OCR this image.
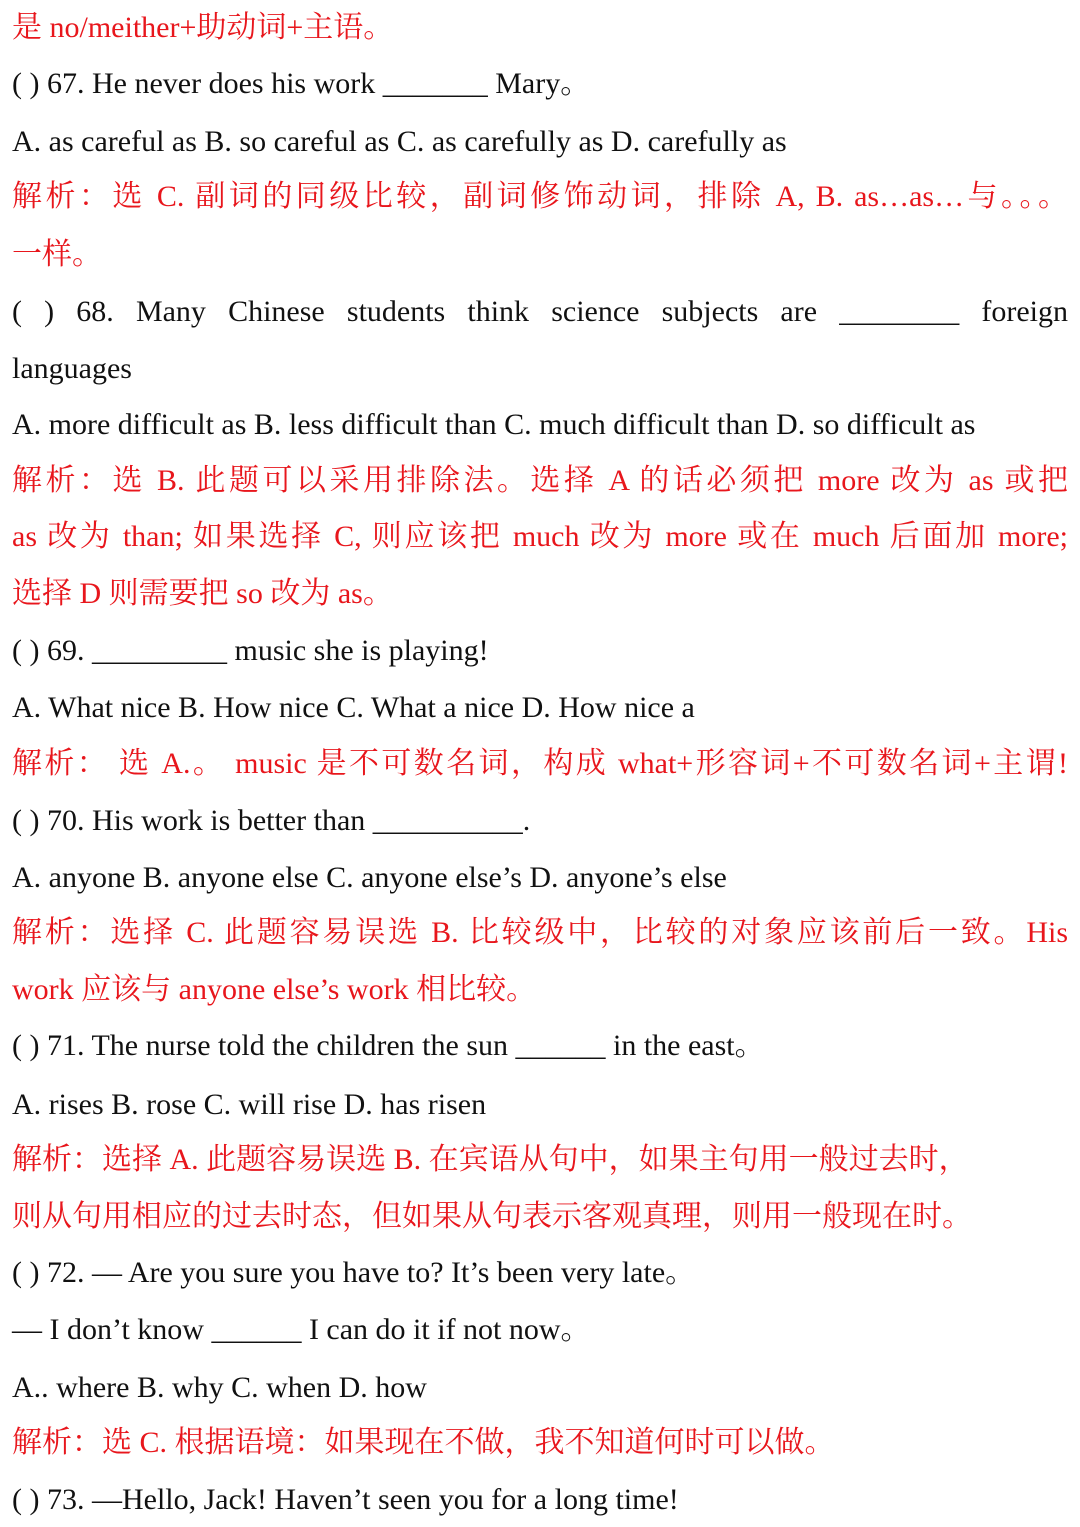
是 no/meither+助动词+主语。
( ) 67. He never does his work _______ Mary。
A. as careful as B. so careful as C. as carefully as D. carefully as
解析：选 C. 副词的同级比较，副词修饰动词，排除 A, B. as…as…与。。。
一样。
( ) 68. Many Chinese students think science subjects are ________ foreign
languages
A. more difficult as B. less difficult than C. much difficult than D. so difficult as
解析：选 B. 此题可以采用排除法。选择 A 的话必须把 more 改为 as 或把
as 改为 than; 如果选择 C, 则应该把 much 改为 more 或在 much 后面加 more;
选择 D 则需要把 so 改为 as。
( ) 69. _________ music she is playing!
A. What nice B. How nice C. What a nice D. How nice a
解析： 选 A.。 music 是不可数名词，构成 what+形容词+不可数名词+主谓!
( ) 70. His work is better than __________.
A. anyone B. anyone else C. anyone else’s D. anyone’s else
解析：选择 C. 此题容易误选 B. 比较级中，比较的对象应该前后一致。His
work 应该与 anyone else’s work 相比较。
( ) 71. The nurse told the children the sun ______ in the east。
A. rises B. rose C. will rise D. has risen
解析：选择 A. 此题容易误选 B. 在宾语从句中，如果主句用一般过去时，
则从句用相应的过去时态，但如果从句表示客观真理，则用一般现在时。
( ) 72. — Are you sure you have to? It’s been very late。
— I don’t know ______ I can do it if not now。
A.. where B. why C. when D. how
解析：选 C. 根据语境：如果现在不做，我不知道何时可以做。
( ) 73. —Hello, Jack! Haven’t seen you for a long time!
